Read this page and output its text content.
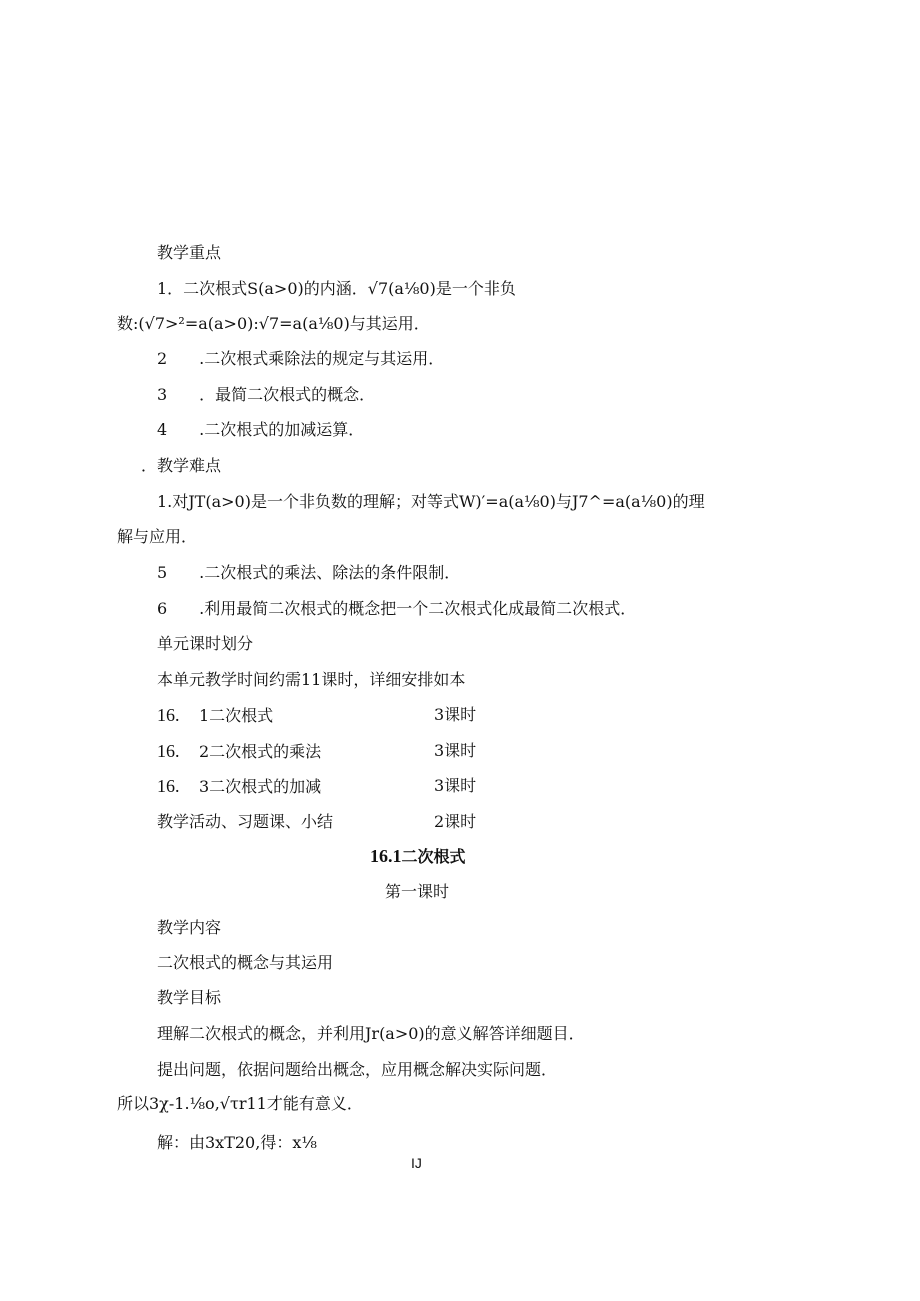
教学重点
1．二次根式S(a>0)的内涵．√7(a⅛0)是一个非负
数:(√7>²=a(a>0):√7=a(a⅛0)与其运用．
2　　.二次根式乘除法的规定与其运用．
3　　．最简二次根式的概念．
4　　.二次根式的加减运算．
．教学难点
1.对JT(a>0)是一个非负数的理解；对等式W)′=a(a⅛0)与J7^=a(a⅛0)的理
解与应用．
5　　.二次根式的乘法、除法的条件限制．
6　　.利用最简二次根式的概念把一个二次根式化成最简二次根式．
单元课时划分
本单元教学时间约需11课时，详细安排如本
16. 1二次根式	3课时
16. 2二次根式的乘法	3课时
16. 3二次根式的加减	3课时
教学活动、习题课、小结	2课时
16.1二次根式
第一课时
教学内容
二次根式的概念与其运用
教学目标
理解二次根式的概念，并利用Jr(a>0)的意义解答详细题目．
提出问题，依据问题给出概念，应用概念解决实际问题．
所以3χ-1.⅛o,√τr11才能有意义．
解：由3xT20,得：x⅛
IJ
